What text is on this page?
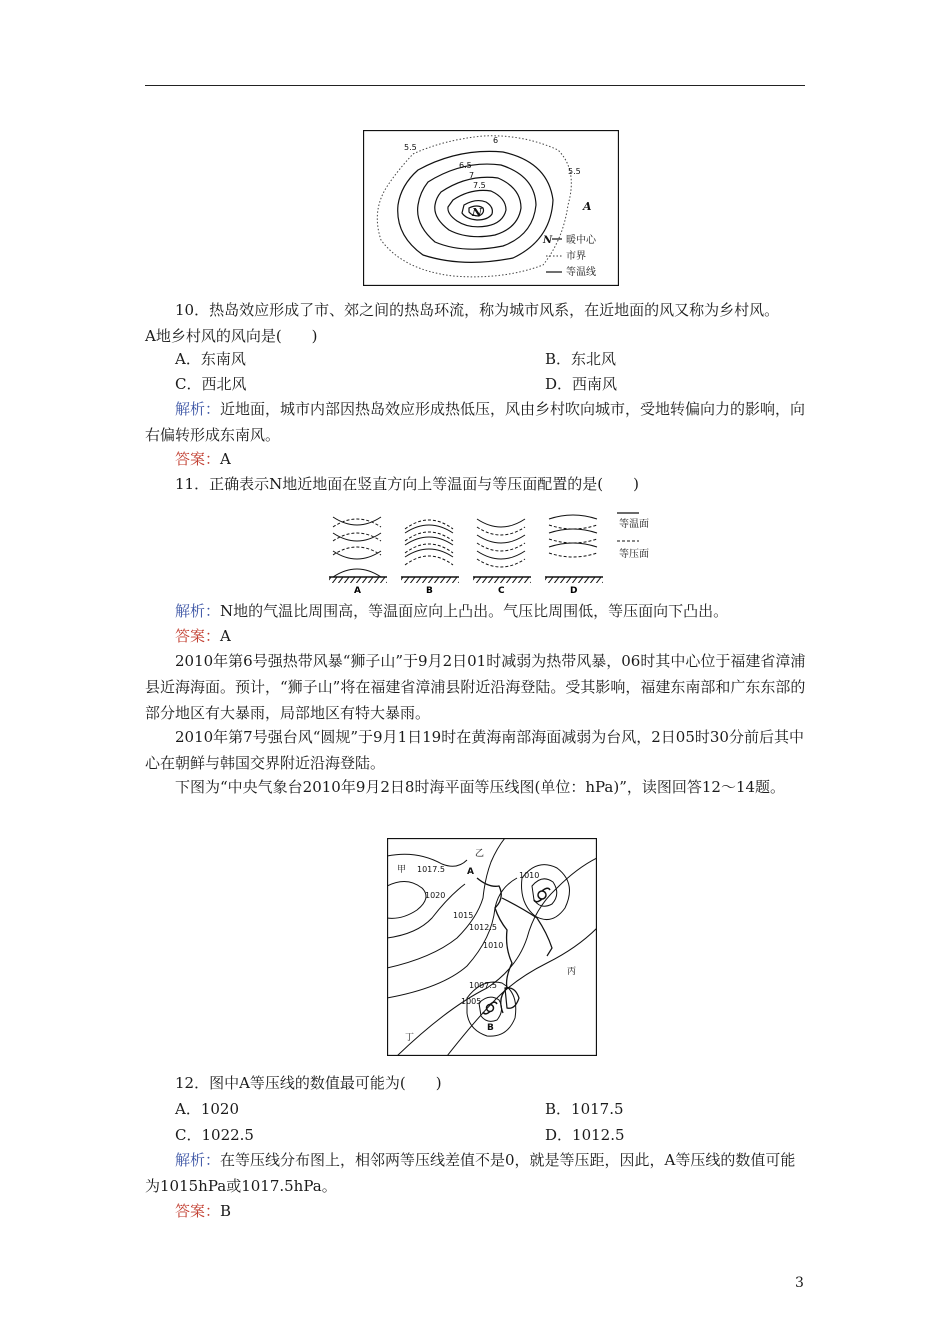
5.5
6
6.5
7
7.5
5.5
N	A
N 暖中心
市界
等温线
10．热岛效应形成了市、郊之间的热岛环流，称为城市风系，在近地面的风又称为乡村风。
A地乡村风的风向是(　　)
A．东南风	B．东北风
C．西北风	D．西南风
解析：近地面，城市内部因热岛效应形成热低压，风由乡村吹向城市，受地转偏向力的影响，向右偏转形成东南风。
答案：A
11．正确表示N地近地面在竖直方向上等温面与等压面配置的是(　　)
A	B	C	D
等温面
等压面
解析：N地的气温比周围高，等温面应向上凸出。气压比周围低，等压面向下凸出。
答案：A
2010年第6号强热带风暴“狮子山”于9月2日01时减弱为热带风暴，06时其中心位于福建省漳浦县近海海面。预计，“狮子山”将在福建省漳浦县附近沿海登陆。受其影响，福建东南部和广东东部的部分地区有大暴雨，局部地区有特大暴雨。
2010年第7号强台风“圆规”于9月1日19时在黄海南部海面减弱为台风，2日05时30分前后其中心在朝鲜与韩国交界附近沿海登陆。
下图为“中央气象台2010年9月2日8时海平面等压线图(单位：hPa)”，读图回答12～14题。
甲
乙
丙
丁
A
B
1017.5
1020
1015
1012.5
1010
1007.5
1005
1010
12．图中A等压线的数值最可能为(　　)
A．1020	B．1017.5
C．1022.5	D．1012.5
解析：在等压线分布图上，相邻两等压线差值不是0，就是等压距，因此，A等压线的数值可能为1015hPa或1017.5hPa。
答案：B
3
